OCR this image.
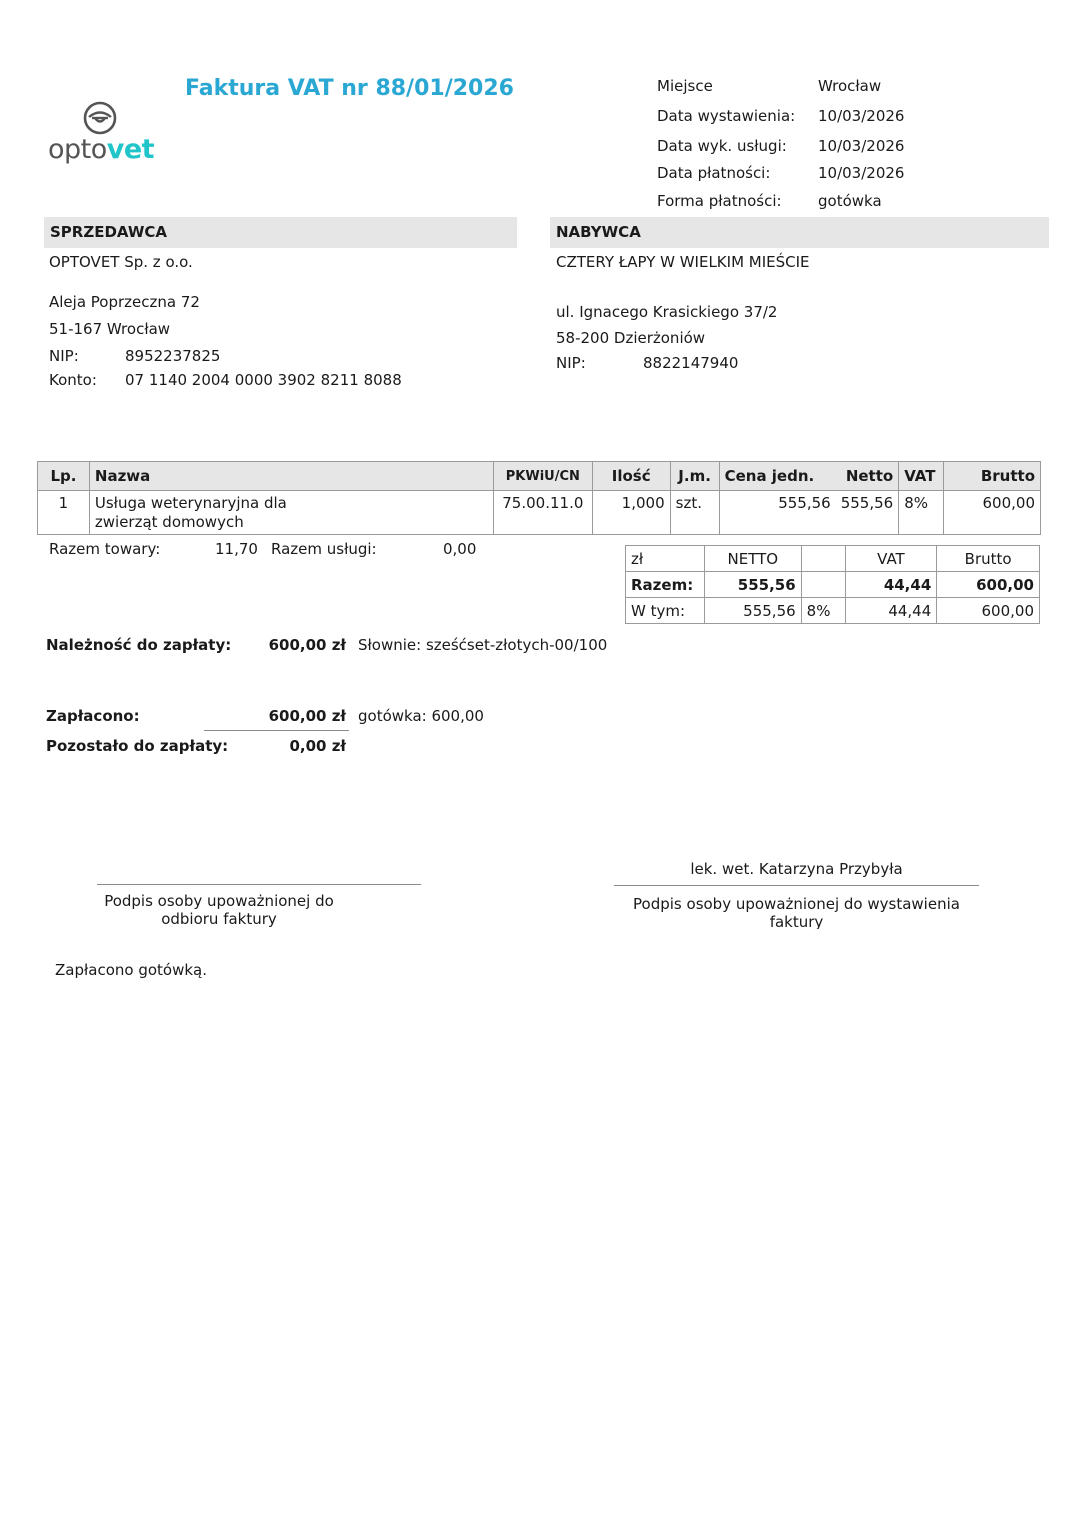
Faktura VAT nr 88/01/2026
optovet
Miejsce	Wrocław
Data wystawienia: 10/03/2026
Data wyk. usługi: 10/03/2026
Data płatności:	10/03/2026
Forma płatności: gotówka
SPRZEDAWCA
OPTOVET Sp. z o.o.
Aleja Poprzeczna 72
51-167 Wrocław
NIP:	8952237825
Konto: 07 1140 2004 0000 3902 8211 8088
NABYWCA
CZTERY ŁAPY W WIELKIM MIEŚCIE
ul. Ignacego Krasickiego 37/2
58-200 Dzierżoniów
NIP:	8822147940
Lp.	Nazwa	PKWiU/CN	Ilość	J.m.	Cena jedn.	Netto	VAT	Brutto
1	Usługa weterynaryjna dla
zwierząt domowych	75.00.11.0	1,000	szt.	555,56	555,56	8%	600,00
Razem towary:	11,70 Razem usługi:	0,00
zł	NETTO		VAT	Brutto
Razem:	555,56		44,44	600,00
W tym:	555,56	8%	44,44	600,00
Należność do zapłaty:	600,00 zł Słownie: sześćset-złotych-00/100
Zapłacono:	600,00 zł gotówka: 600,00
Pozostało do zapłaty:	0,00 zł
Podpis osoby upoważnionej do odbioru faktury
lek. wet. Katarzyna Przybyła
Podpis osoby upoważnionej do wystawienia faktury
Zapłacono gotówką.
